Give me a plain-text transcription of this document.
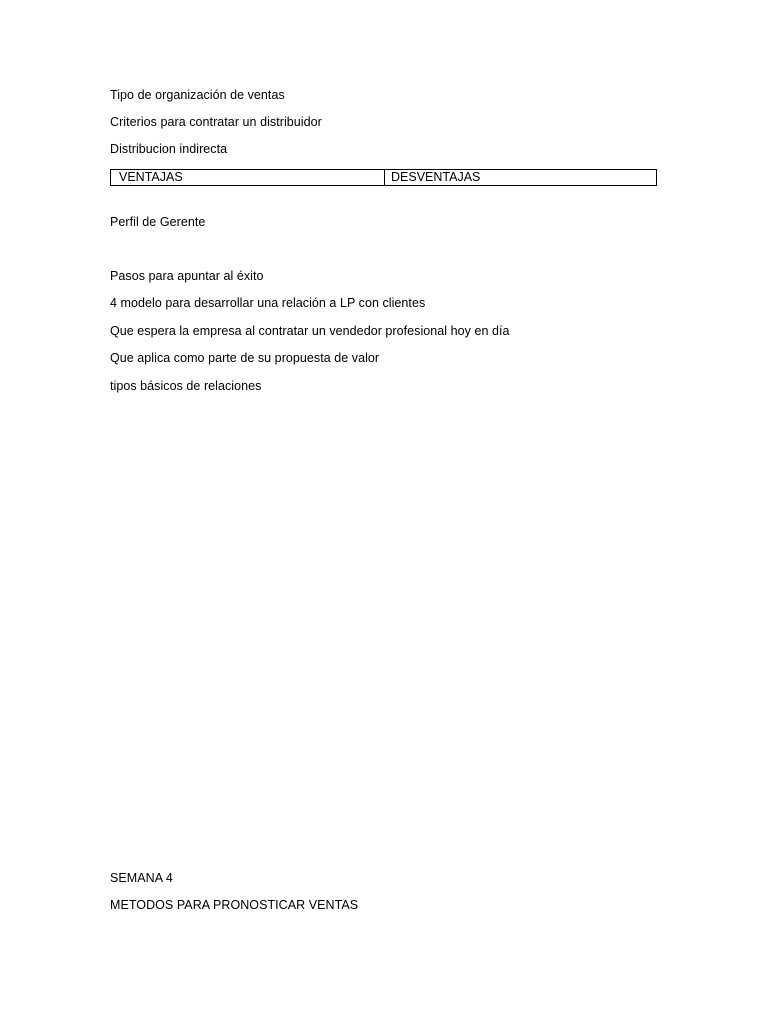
Tipo de organización de ventas
Criterios para contratar un distribuidor
Distribucion indirecta
VENTAJAS	DESVENTAJAS
Perfil de Gerente
Pasos para apuntar al éxito
4 modelo para desarrollar una relación a LP con clientes
Que espera la empresa al contratar un vendedor profesional hoy en día
Que aplica como parte de su propuesta de valor
tipos básicos de relaciones
SEMANA 4
METODOS PARA PRONOSTICAR VENTAS
